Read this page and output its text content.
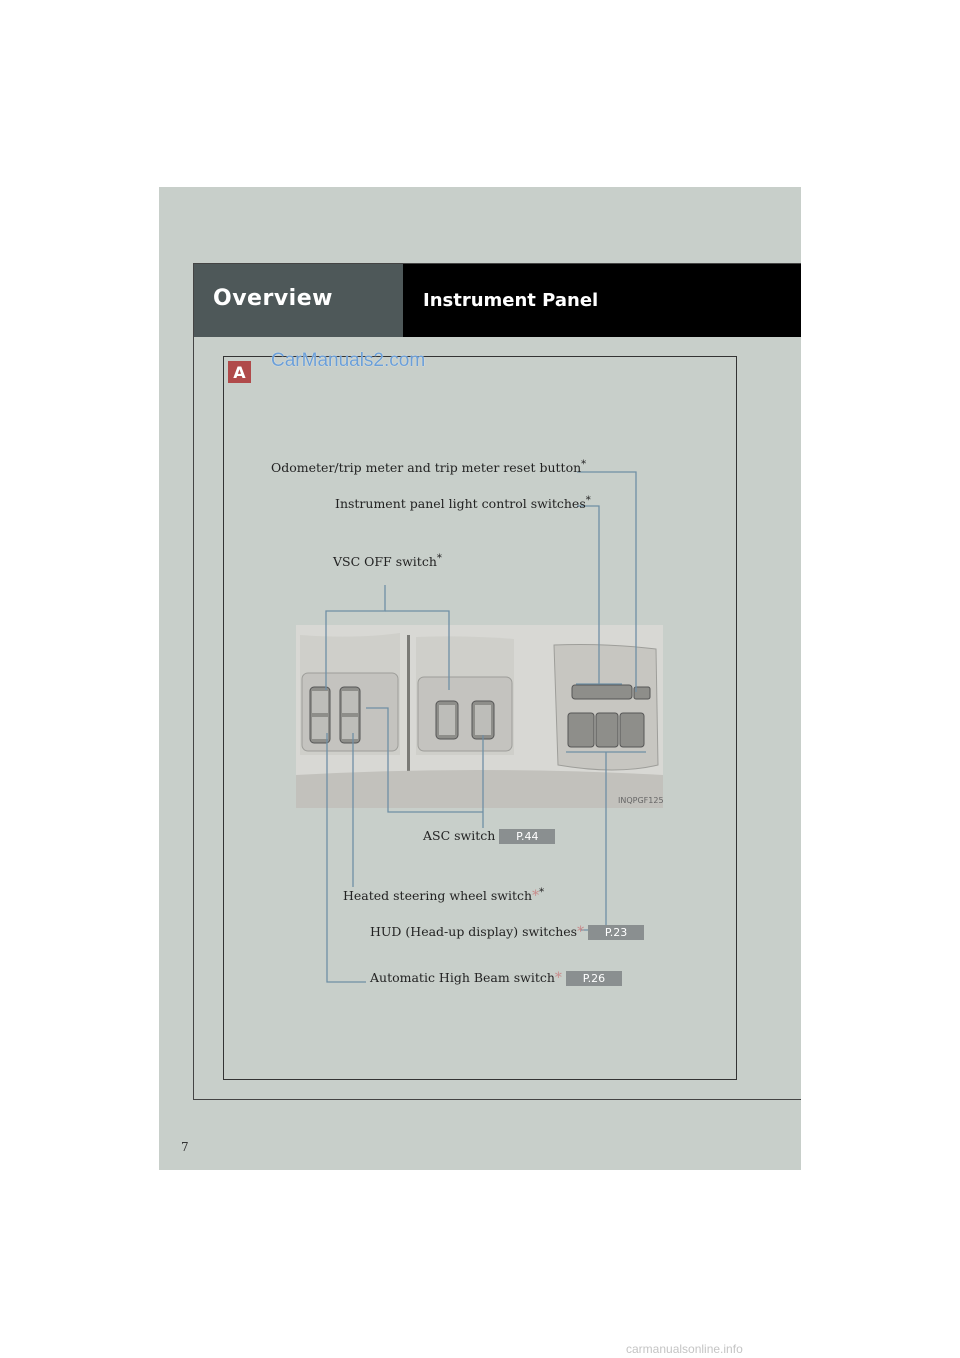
Overview	Instrument Panel
A
CarManuals2.com
INQPGF125
Odometer/trip meter and trip meter reset button*
Instrument panel light control switches*
VSC OFF switch*
ASC switch P.44
Heated steering wheel switch**
HUD (Head-up display) switches* P.23
Automatic High Beam switch* P.26
7
carmanualsonline.info
